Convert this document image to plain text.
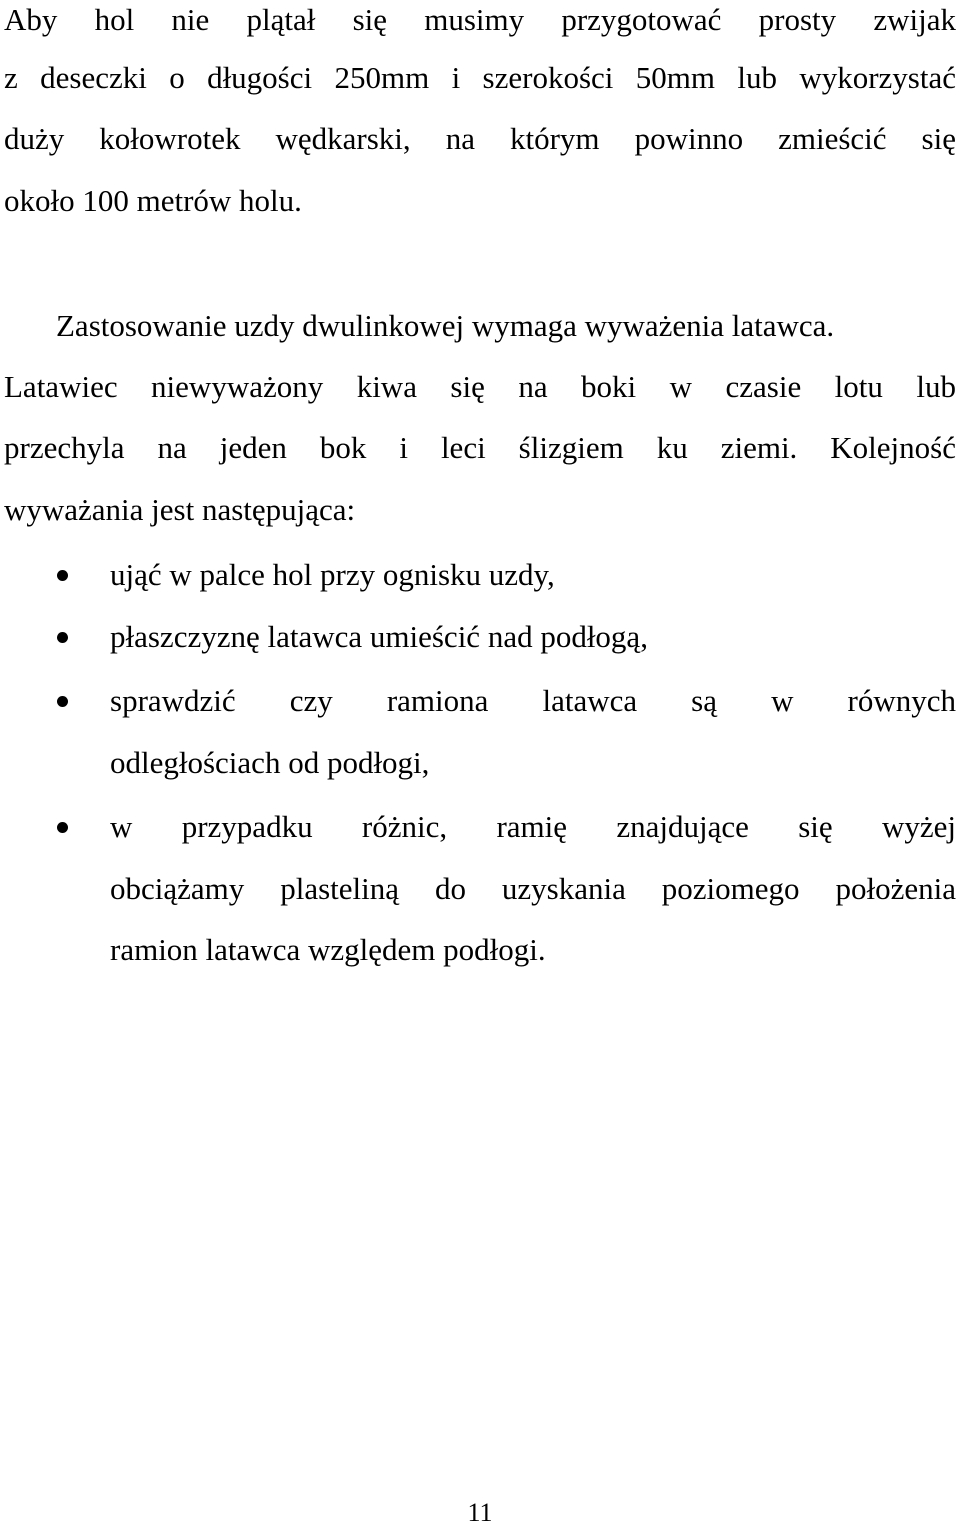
Aby hol nie plątał się musimy przygotować prosty zwijak
z deseczki o długości 250mm i szerokości 50mm lub wykorzystać
duży kołowrotek wędkarski, na którym powinno zmieścić się
około 100 metrów holu.
Zastosowanie uzdy dwulinkowej wymaga wyważenia latawca.
Latawiec niewyważony kiwa się na boki w czasie lotu lub
przechyla na jeden bok i leci ślizgiem ku ziemi. Kolejność
wyważania jest następująca:
ująć w palce hol przy ognisku uzdy,
płaszczyznę latawca umieścić nad podłogą,
sprawdzić czy ramiona latawca są w równych
odległościach od podłogi,
w przypadku różnic, ramię znajdujące się wyżej
obciążamy plasteliną do uzyskania poziomego położenia
ramion latawca względem podłogi.
11
